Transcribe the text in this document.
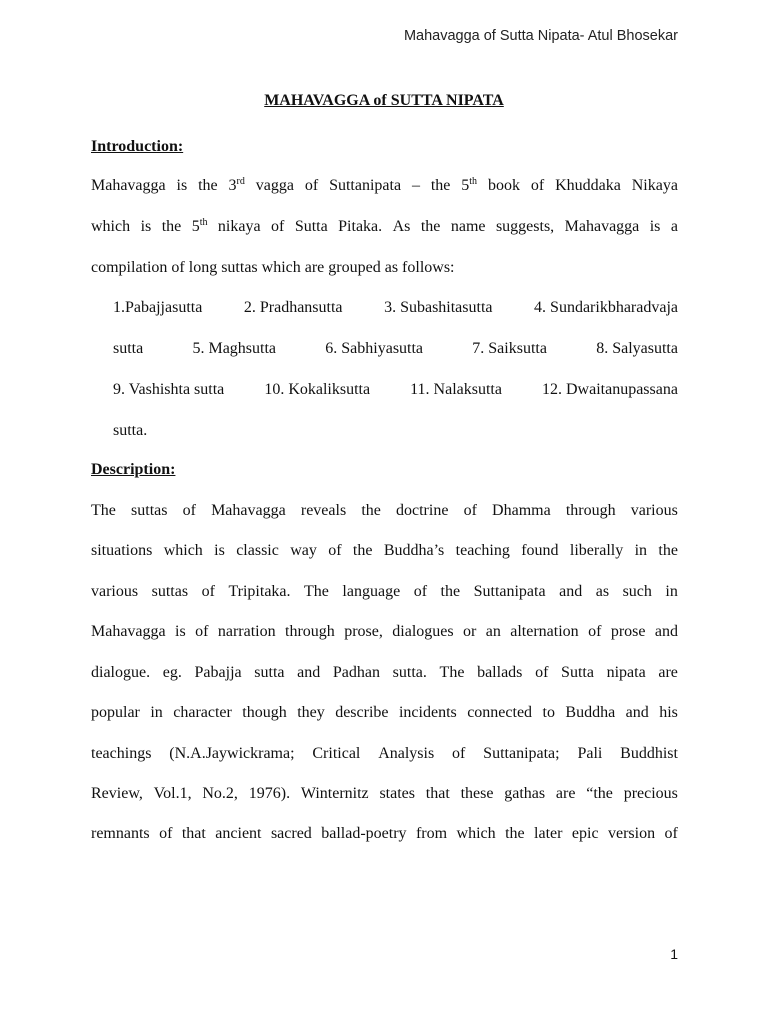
Mahavagga of Sutta Nipata- Atul Bhosekar
MAHAVAGGA of SUTTA NIPATA
Introduction:
Mahavagga is the 3rd vagga of Suttanipata – the 5th book of Khuddaka Nikaya
which is the 5th nikaya of Sutta Pitaka. As the name suggests, Mahavagga is a
compilation of long suttas which are grouped as follows:
1.Pabajjasutta	2. Pradhansutta	3. Subashitasutta	4. Sundarikbharadvaja
sutta	5. Maghsutta	6. Sabhiyasutta	7. Saiksutta	8. Salyasutta
9. Vashishta sutta	10. Kokaliksutta	11. Nalaksutta	12. Dwaitanupassana
sutta.
Description:
The suttas of Mahavagga reveals the doctrine of Dhamma through various
situations which is classic way of the Buddha’s teaching found liberally in the
various suttas of Tripitaka. The language of the Suttanipata and as such in
Mahavagga is of narration through prose, dialogues or an alternation of prose and
dialogue. eg. Pabajja sutta and Padhan sutta. The ballads of Sutta nipata are
popular in character though they describe incidents connected to Buddha and his
teachings (N.A.Jaywickrama; Critical Analysis of Suttanipata; Pali Buddhist
Review, Vol.1, No.2, 1976). Winternitz states that these gathas are “the precious
remnants of that ancient sacred ballad-poetry from which the later epic version of
1
